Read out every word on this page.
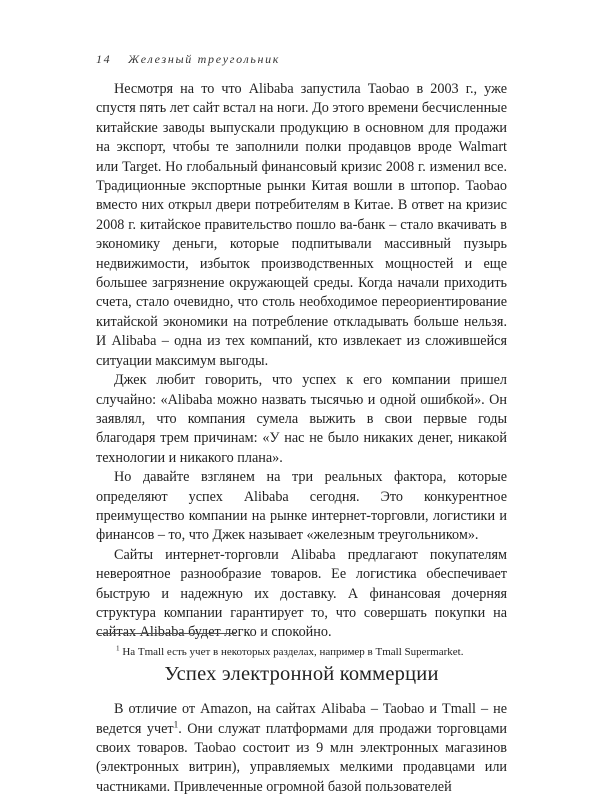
14 Железный треугольник

Несмотря на то что Alibaba запустила Taobao в 2003 г., уже спустя пять лет сайт встал на ноги. До этого времени бесчисленные китайские заводы выпускали продукцию в основном для продажи на экспорт, чтобы те заполнили полки продавцов вроде Walmart или Target. Но глобальный финансовый кризис 2008 г. изменил все. Традиционные экспортные рынки Китая вошли в штопор. Taobao вместо них открыл двери потребителям в Китае. В ответ на кризис 2008 г. китайское правительство пошло ва-банк – стало вкачивать в экономику деньги, которые подпитывали массивный пузырь недвижимости, избыток производственных мощностей и еще большее загрязнение окружающей среды. Когда начали приходить счета, стало очевидно, что столь необходимое переориентирование китайской экономики на потребление откладывать больше нельзя. И Alibaba – одна из тех компаний, кто извлекает из сложившейся ситуации максимум выгоды.

Джек любит говорить, что успех к его компании пришел случайно: «Alibaba можно назвать тысячью и одной ошибкой». Он заявлял, что компания сумела выжить в свои первые годы благодаря трем причинам: «У нас не было никаких денег, никакой технологии и никакого плана».

Но давайте взглянем на три реальных фактора, которые определяют успех Alibaba сегодня. Это конкурентное преимущество компании на рынке интернет-торговли, логистики и финансов – то, что Джек называет «железным треугольником».

Сайты интернет-торговли Alibaba предлагают покупателям невероятное разнообразие товаров. Ее логистика обеспечивает быструю и надежную их доставку. А финансовая дочерняя структура компании гарантирует то, что совершать покупки на сайтах Alibaba будет легко и спокойно.

Успех электронной коммерции

В отличие от Amazon, на сайтах Alibaba – Taobao и Tmall – не ведется учет$^1$. Они служат платформами для продажи торговцами своих товаров. Taobao состоит из 9 млн электронных магазинов (электронных витрин), управляемых мелкими продавцами или частниками. Привлеченные огромной базой пользователей

$^1$ На Tmall есть учет в некоторых разделах, например в Tmall Supermarket.
